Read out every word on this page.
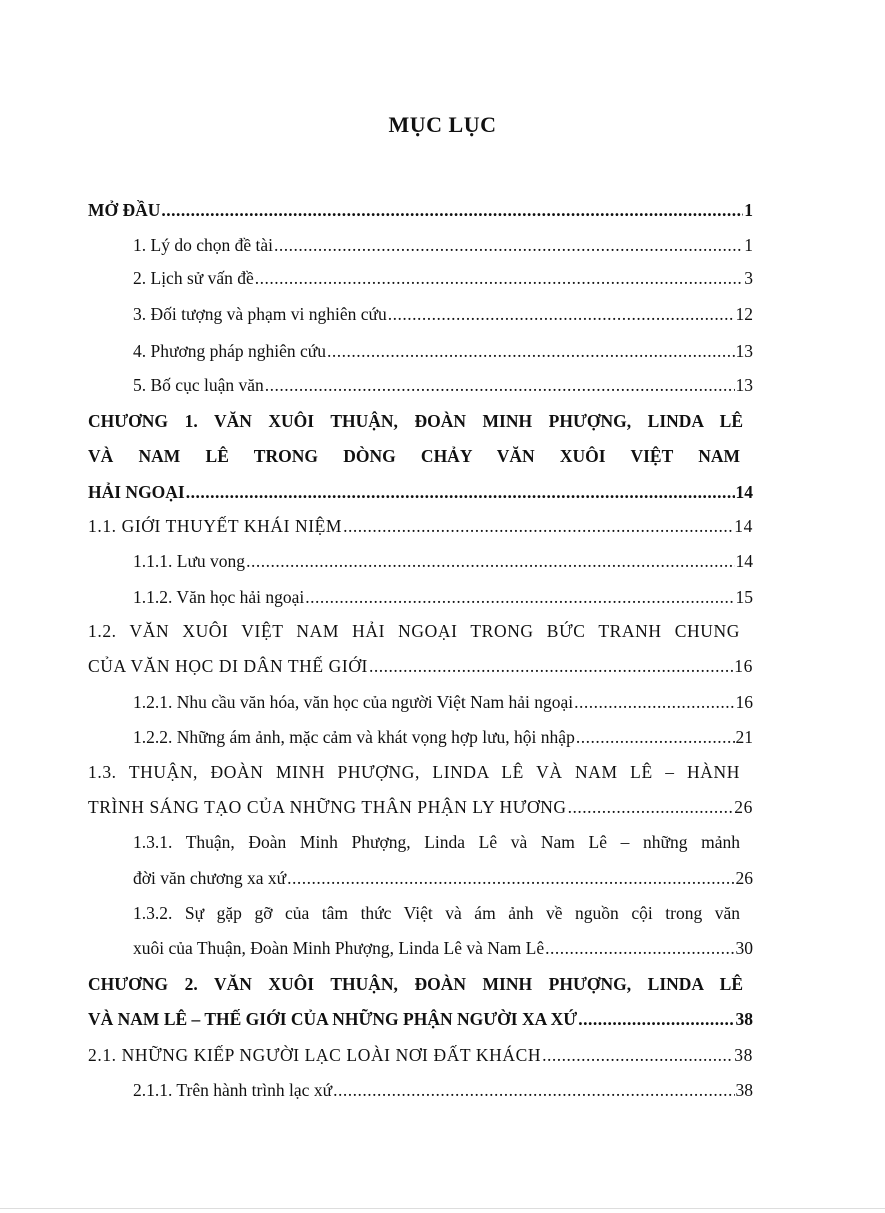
MỤC LỤC
MỞ ĐẦU .....	1
1. Lý do chọn đề tài .....	1
2. Lịch sử vấn đề .....	3
3. Đối tượng và phạm vi nghiên cứu .....	12
4. Phương pháp nghiên cứu .....	13
5. Bố cục luận văn .....	13
CHƯƠNG 1. VĂN XUÔI THUẬN, ĐOÀN MINH PHƯỢNG, LINDA LÊ
VÀ NAM LÊ TRONG DÒNG CHẢY VĂN XUÔI VIỆT NAM
HẢI NGOẠI .....	14
1.1. GIỚI THUYẾT KHÁI NIỆM .....	14
1.1.1. Lưu vong .....	14
1.1.2. Văn học hải ngoại .....	15
1.2. VĂN XUÔI VIỆT NAM HẢI NGOẠI TRONG BỨC TRANH CHUNG
CỦA VĂN HỌC DI DÂN THẾ GIỚI .....	16
1.2.1. Nhu cầu văn hóa, văn học của người Việt Nam hải ngoại .....	16
1.2.2. Những ám ảnh, mặc cảm và khát vọng hợp lưu, hội nhập .....	21
1.3. THUẬN, ĐOÀN MINH PHƯỢNG, LINDA LÊ VÀ NAM LÊ – HÀNH
TRÌNH SÁNG TẠO CỦA NHỮNG THÂN PHẬN LY HƯƠNG .....	26
1.3.1. Thuận, Đoàn Minh Phượng, Linda Lê và Nam Lê – những mảnh
đời văn chương xa xứ .....	26
1.3.2. Sự gặp gỡ của tâm thức Việt và ám ảnh về nguồn cội trong văn
xuôi của Thuận, Đoàn Minh Phượng, Linda Lê và Nam Lê .....	30
CHƯƠNG 2. VĂN XUÔI THUẬN, ĐOÀN MINH PHƯỢNG, LINDA LÊ
VÀ NAM LÊ – THẾ GIỚI CỦA NHỮNG PHẬN NGƯỜI XA XỨ .....	38
2.1. NHỮNG KIẾP NGƯỜI LẠC LOÀI NƠI ĐẤT KHÁCH .....	38
2.1.1. Trên hành trình lạc xứ .....	38
